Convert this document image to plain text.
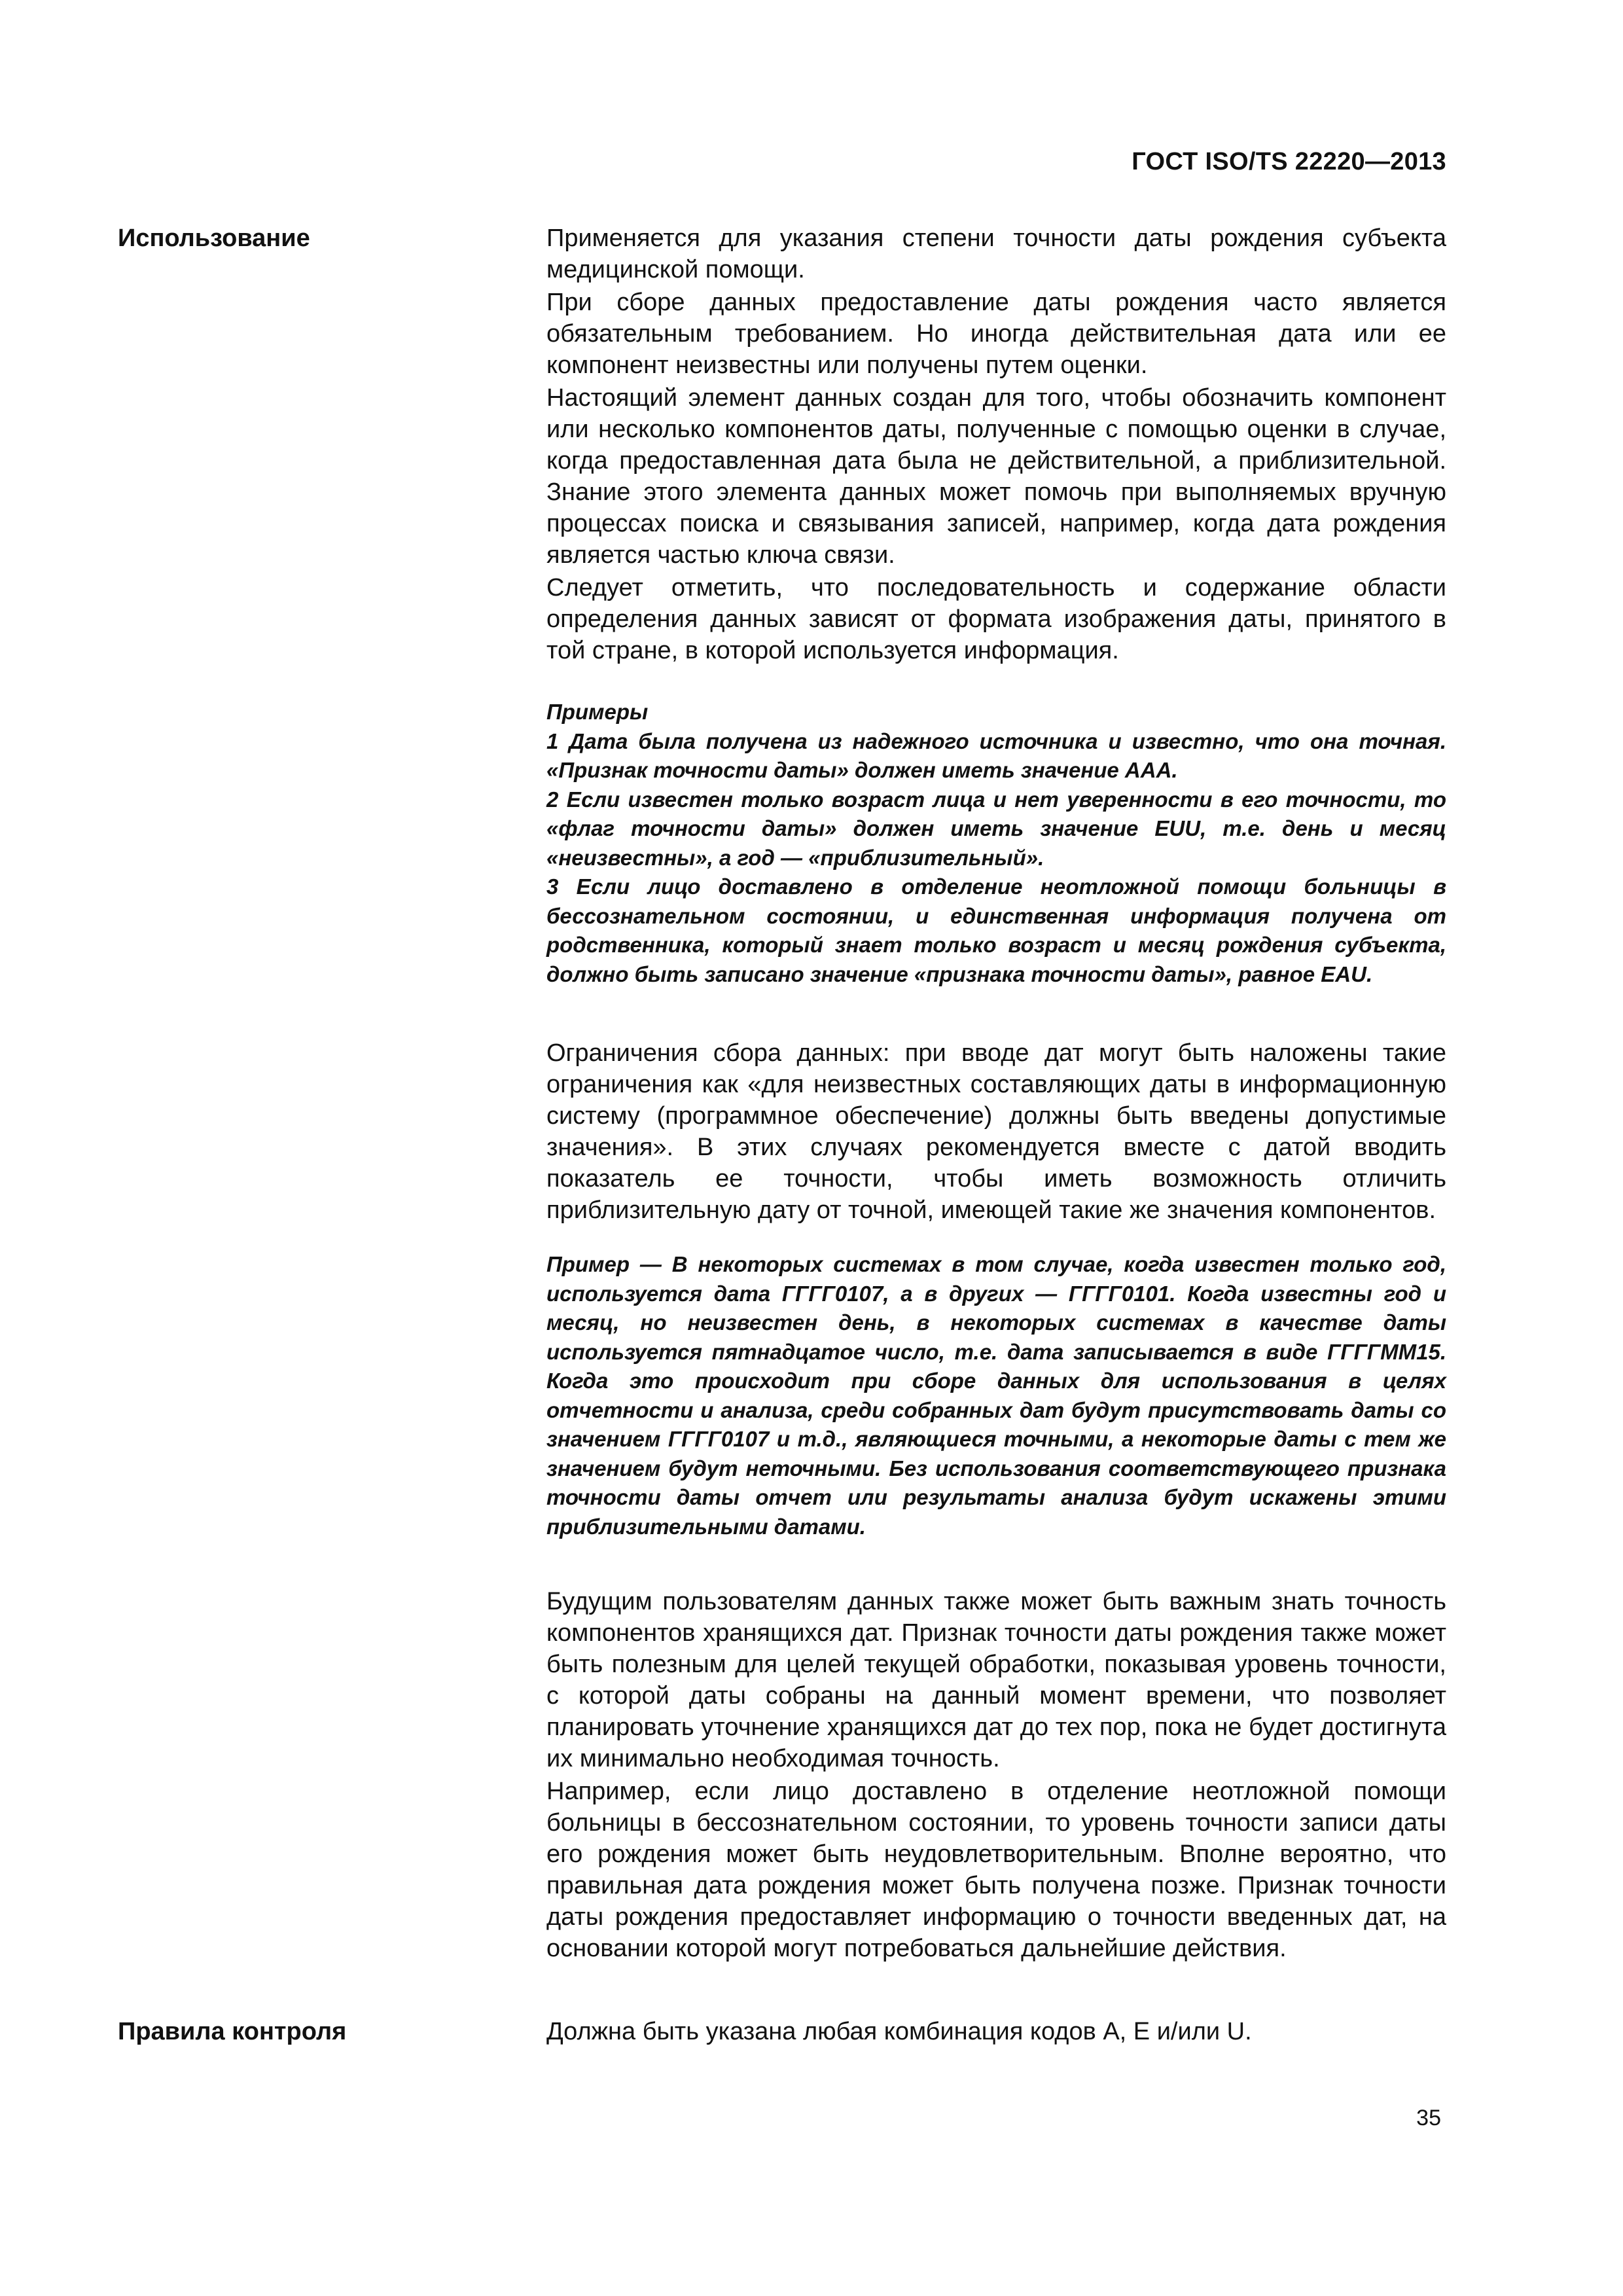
ГОСТ ISO/TS 22220—2013
Использование	Применяется для указания степени точности даты рождения субъекта медицинской помощи.

При сборе данных предоставление даты рождения часто является обязательным требованием. Но иногда действительная дата или ее компонент неизвестны или получены путем оценки.

Настоящий элемент данных создан для того, чтобы обозначить компонент или несколько компонентов даты, полученные с помощью оценки в случае, когда предоставленная дата была не действительной, а приблизительной. Знание этого элемента данных может помочь при выполняемых вручную процессах поиска и связывания записей, например, когда дата рождения является частью ключа связи.

Следует отметить, что последовательность и содержание области определения данных зависят от формата изображения даты, принятого в той стране, в которой используется информация.

Примеры

1 Дата была получена из надежного источника и известно, что она точная. «Признак точности даты» должен иметь значение AAA.

2 Если известен только возраст лица и нет уверенности в его точности, то «флаг точности даты» должен иметь значение EUU, т.е. день и месяц «неизвестны», а год — «приблизительный».

3 Если лицо доставлено в отделение неотложной помощи больницы в бессознательном состоянии, и единственная информация получена от родственника, который знает только возраст и месяц рождения субъекта, должно быть записано значение «признака точности даты», равное EAU.

Ограничения сбора данных: при вводе дат могут быть наложены такие ограничения как «для неизвестных составляющих даты в информационную систему (программное обеспечение) должны быть введены допустимые значения». В этих случаях рекомендуется вместе с датой вводить показатель ее точности, чтобы иметь возможность отличить приблизительную дату от точной, имеющей такие же значения компонентов.

Пример — В некоторых системах в том случае, когда известен только год, используется дата ГГГГ0107, а в других — ГГГГ0101. Когда известны год и месяц, но неизвестен день, в некоторых системах в качестве даты используется пятнадцатое число, т.е. дата записывается в виде ГГГГММ15. Когда это происходит при сборе данных для использования в целях отчетности и анализа, среди собранных дат будут присутствовать даты со значением ГГГГ0107 и т.д., являющиеся точными, а некоторые даты с тем же значением будут неточными. Без использования соответствующего признака точности даты отчет или результаты анализа будут искажены этими приблизительными датами.

Будущим пользователям данных также может быть важным знать точность компонентов хранящихся дат. Признак точности даты рождения также может быть полезным для целей текущей обработки, показывая уровень точности, с которой даты собраны на данный момент времени, что позволяет планировать уточнение хранящихся дат до тех пор, пока не будет достигнута их минимально необходимая точность.

Например, если лицо доставлено в отделение неотложной помощи больницы в бессознательном состоянии, то уровень точности записи даты его рождения может быть неудовлетворительным. Вполне вероятно, что правильная дата рождения может быть получена позже. Признак точности даты рождения предоставляет информацию о точности введенных дат, на основании которой могут потребоваться дальнейшие действия.

Правила контроля	Должна быть указана любая комбинация кодов A, E и/или U.

35
